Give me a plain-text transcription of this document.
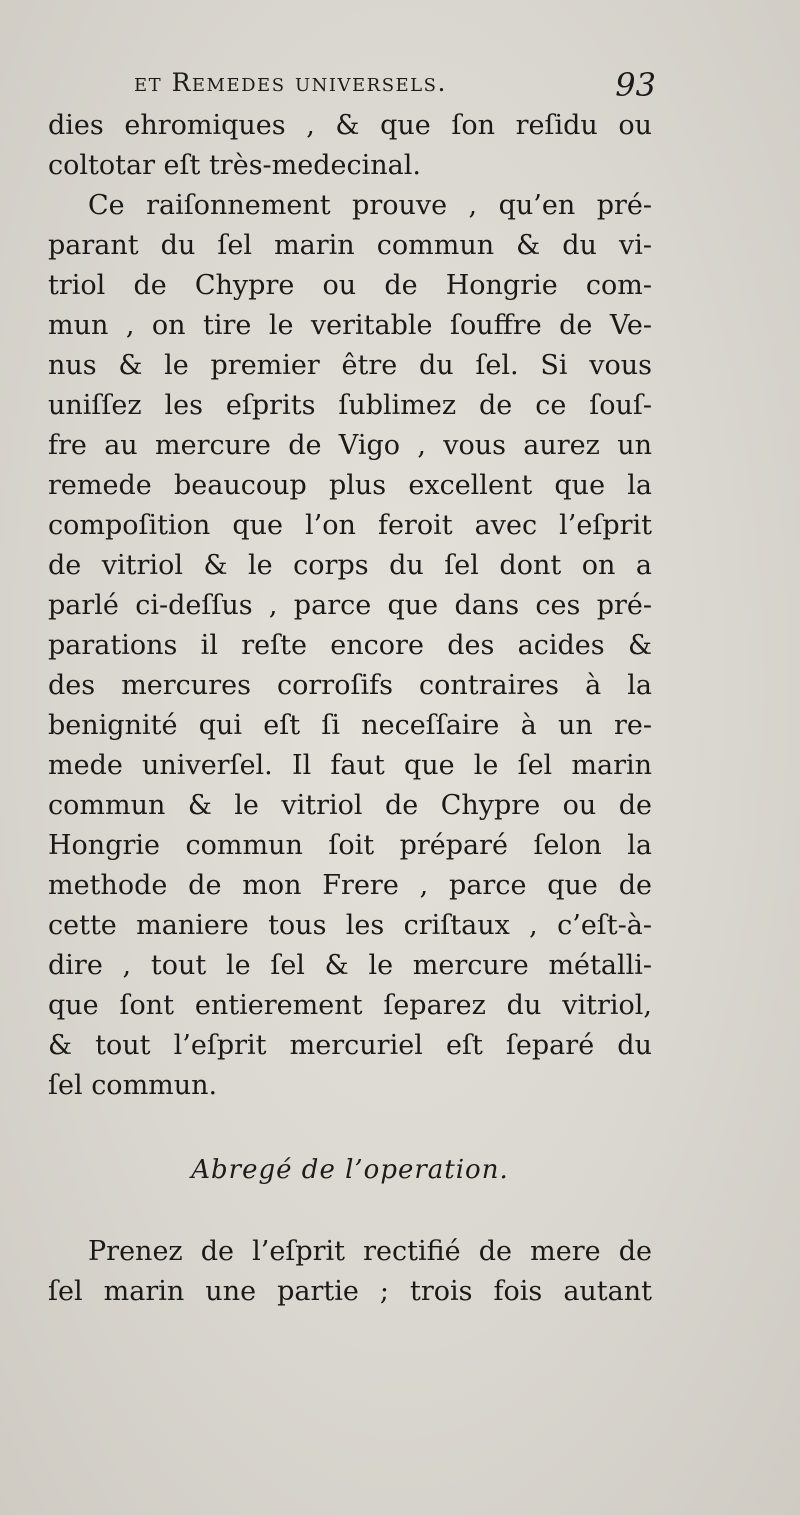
et Remedes universels.	93
dies ehromiques , & que ſon reſidu ou
coltotar eſt très-medecinal.
Ce raiſonnement prouve , qu’en pré-
parant du ſel marin commun & du vi-
triol de Chypre ou de Hongrie com-
mun , on tire le veritable ſouffre de Ve-
nus & le premier être du ſel. Si vous
uniſſez les eſprits ſublimez de ce ſouſ-
fre au mercure de Vigo , vous aurez un
remede beaucoup plus excellent que la
compoſition que l’on feroit avec l’eſprit
de vitriol & le corps du ſel dont on a
parlé ci-deſſus , parce que dans ces pré-
parations il reſte encore des acides &
des mercures corroſifs contraires à la
benignité qui eſt ſi neceſſaire à un re-
mede univerſel. Il faut que le ſel marin
commun & le vitriol de Chypre ou de
Hongrie commun ſoit préparé ſelon la
methode de mon Frere , parce que de
cette maniere tous les criſtaux , c’eſt-à-
dire , tout le ſel & le mercure métalli-
que ſont entierement ſeparez du vitriol,
& tout l’eſprit mercuriel eſt ſeparé du
ſel commun.
Abregé de l’operation.
Prenez de l’eſprit rectifié de mere de
ſel marin une partie ; trois fois autant
